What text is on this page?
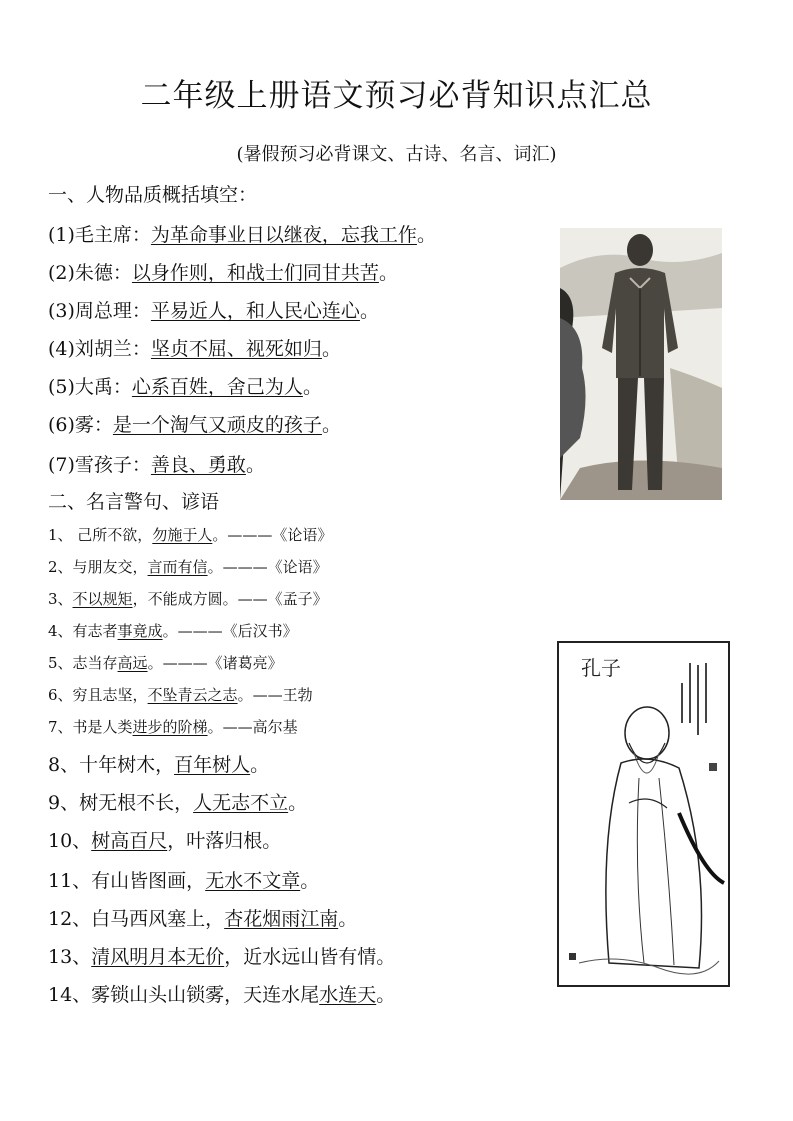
二年级上册语文预习必背知识点汇总
(暑假预习必背课文、古诗、名言、词汇)
一、人物品质概括填空：
(1)毛主席：为革命事业日以继夜，忘我工作。
(2)朱德：以身作则，和战士们同甘共苦。
(3)周总理：平易近人，和人民心连心。
(4)刘胡兰：坚贞不屈、视死如归。
(5)大禹：心系百姓，舍己为人。
(6)雾：是一个淘气又顽皮的孩子。
(7)雪孩子：善良、勇敢。
二、名言警句、谚语
1、 己所不欲，勿施于人。———《论语》
2、与朋友交，言而有信。———《论语》
3、不以规矩，不能成方圆。——《孟子》
4、有志者事竟成。———《后汉书》
5、志当存高远。———《诸葛亮》
6、穷且志坚，不坠青云之志。——王勃
7、书是人类进步的阶梯。——高尔基
8、十年树木，百年树人。
9、树无根不长，人无志不立。
10、树高百尺，叶落归根。
11、有山皆图画，无水不文章。
12、白马西风塞上，杏花烟雨江南。
13、清风明月本无价，近水远山皆有情。
14、雾锁山头山锁雾，天连水尾水连天。
孔子
